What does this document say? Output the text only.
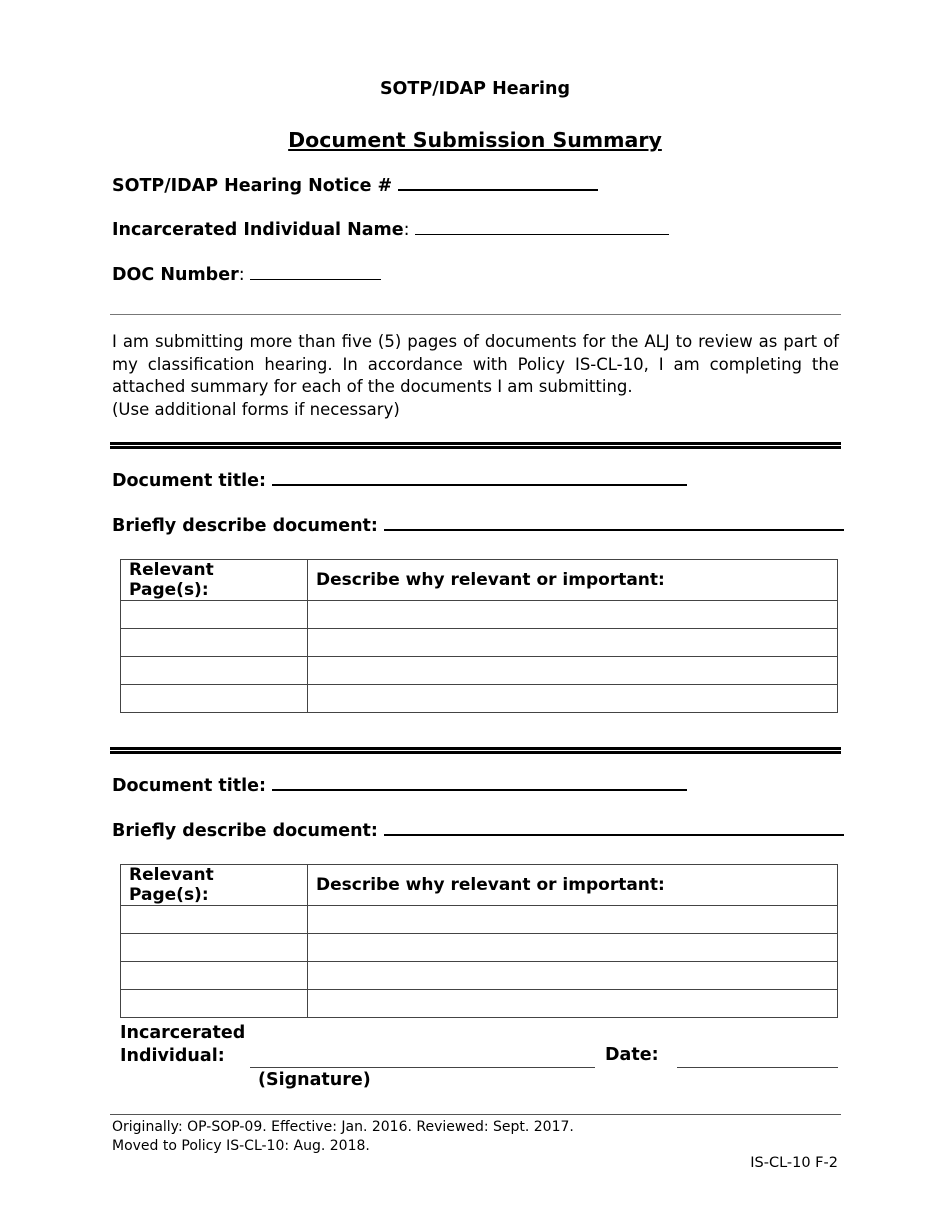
SOTP/IDAP Hearing
Document Submission Summary
SOTP/IDAP Hearing Notice #
Incarcerated Individual Name:
DOC Number:

I am submitting more than five (5) pages of documents for the ALJ to review as part of my classification hearing. In accordance with Policy IS-CL-10, I am completing the attached summary for each of the documents I am submitting.

(Use additional forms if necessary)

Document title:
Briefly describe document:
Relevant Page(s):	Describe why relevant or important:

Document title:
Briefly describe document:
Relevant Page(s):	Describe why relevant or important:

Incarcerated
Individual:	Date:
(Signature)

Originally: OP-SOP-09. Effective: Jan. 2016. Reviewed: Sept. 2017.

Moved to Policy IS-CL-10: Aug. 2018.

IS-CL-10 F-2
